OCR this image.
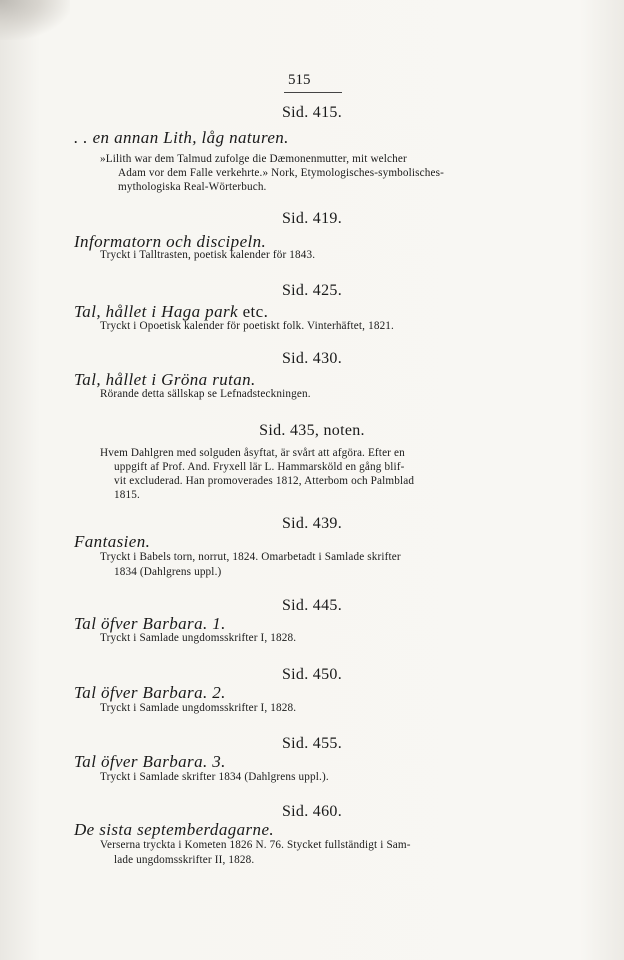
515
Sid. 415.
. . en annan Lith, låg naturen.
»Lilith war dem Talmud zufolge die Dæmonenmutter, mit welcher
Adam vor dem Falle verkehrte.» Nork, Etymologisches-symbolisches-
mythologiska Real-Wörterbuch.
Sid. 419.
Informatorn och discipeln.
Tryckt i Talltrasten, poetisk kalender för 1843.
Sid. 425.
Tal, hållet i Haga park etc.
Tryckt i Opoetisk kalender för poetiskt folk. Vinterhäftet, 1821.
Sid. 430.
Tal, hållet i Gröna rutan.
Rörande detta sällskap se Lefnadsteckningen.
Sid. 435, noten.
Hvem Dahlgren med solguden åsyftat, är svårt att afgöra. Efter en
uppgift af Prof. And. Fryxell lär L. Hammarsköld en gång blif-
vit excluderad. Han promoverades 1812, Atterbom och Palmblad
1815.
Sid. 439.
Fantasien.
Tryckt i Babels torn, norrut, 1824. Omarbetadt i Samlade skrifter
1834 (Dahlgrens uppl.)
Sid. 445.
Tal öfver Barbara. 1.
Tryckt i Samlade ungdomsskrifter I, 1828.
Sid. 450.
Tal öfver Barbara. 2.
Tryckt i Samlade ungdomsskrifter I, 1828.
Sid. 455.
Tal öfver Barbara. 3.
Tryckt i Samlade skrifter 1834 (Dahlgrens uppl.).
Sid. 460.
De sista septemberdagarne.
Verserna tryckta i Kometen 1826 N. 76. Stycket fullständigt i Sam-
lade ungdomsskrifter II, 1828.
